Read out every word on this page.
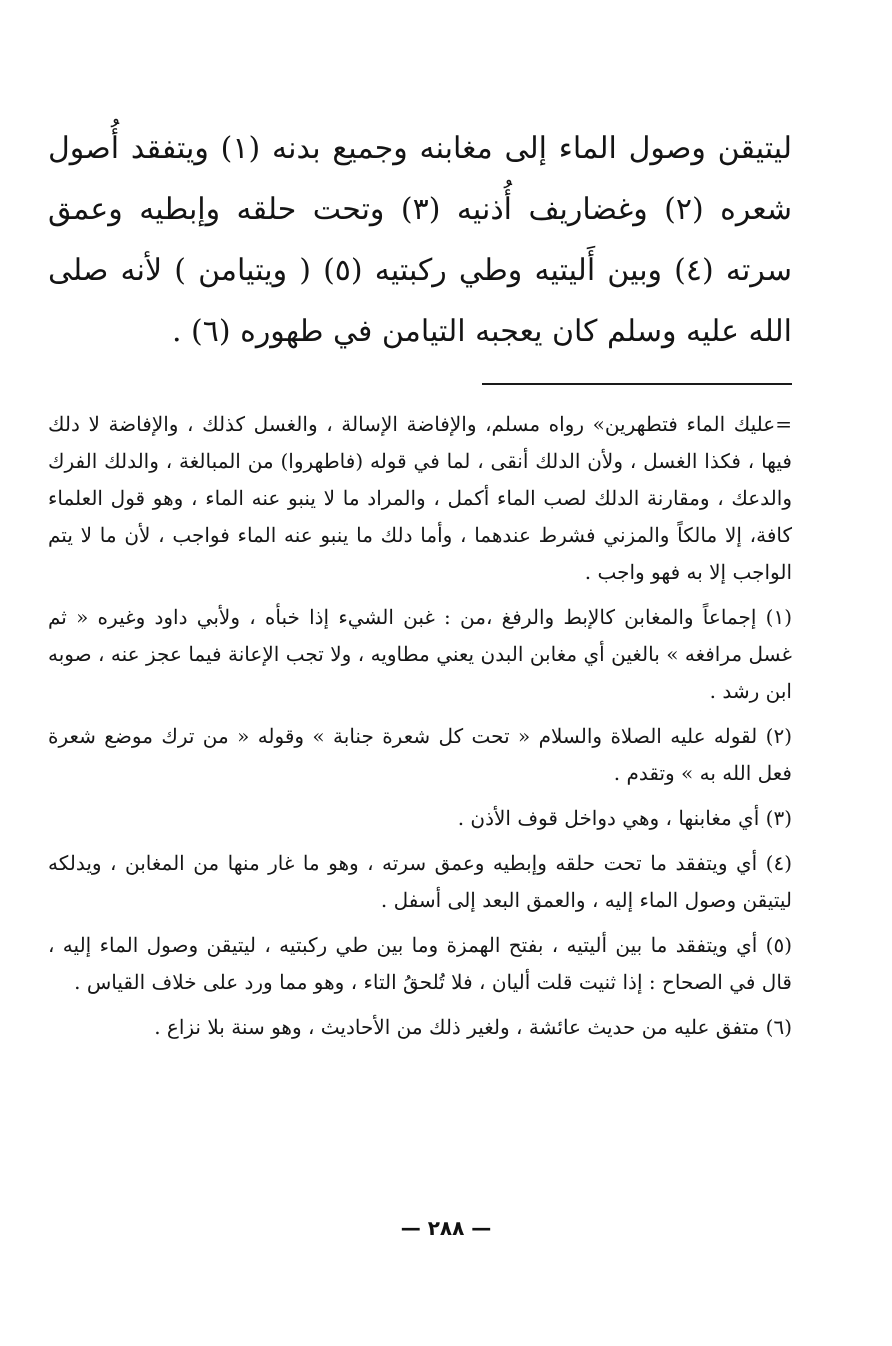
ليتيقن وصول الماء إلى مغابنه وجميع بدنه (١) ويتفقد أُصول شعره (٢) وغضاريف أُذنيه (٣) وتحت حلقه وإبطيه وعمق سرته (٤) وبين أَليتيه وطي ركبتيه (٥) ( ويتيامن ) لأنه صلى الله عليه وسلم كان يعجبه التيامن في طهوره (٦) .

=عليك الماء فتطهرين» رواه مسلم، والإفاضة الإسالة ، والغسل كذلك ، والإفاضة لا دلك فيها ، فكذا الغسل ، ولأن الدلك أنقى ، لما في قوله (فاطهروا) من المبالغة ، والدلك الفرك والدعك ، ومقارنة الدلك لصب الماء أكمل ، والمراد ما لا ينبو عنه الماء ، وهو قول العلماء كافة، إلا مالكاً والمزني فشرط عندهما ، وأما دلك ما ينبو عنه الماء فواجب ، لأن ما لا يتم الواجب إلا به فهو واجب .

(١) إجماعاً والمغابن كالإبط والرفغ ،من : غبن الشيء إذا خبأه ، ولأبي داود وغيره « ثم غسل مرافغه » بالغين أي مغابن البدن يعني مطاويه ، ولا تجب الإعانة فيما عجز عنه ، صوبه ابن رشد .

(٢) لقوله عليه الصلاة والسلام « تحت كل شعرة جنابة » وقوله « من ترك موضع شعرة فعل الله به » وتقدم .

(٣) أي مغابنها ، وهي دواخل قوف الأذن .

(٤) أي ويتفقد ما تحت حلقه وإبطيه وعمق سرته ، وهو ما غار منها من المغابن ، ويدلكه ليتيقن وصول الماء إليه ، والعمق البعد إلى أسفل .

(٥) أي ويتفقد ما بين أليتيه ، بفتح الهمزة وما بين طي ركبتيه ، ليتيقن وصول الماء إليه ، قال في الصحاح : إذا ثنيت قلت أليان ، فلا تُلحقُ التاء ، وهو مما ورد على خلاف القياس .

(٦) متفق عليه من حديث عائشة ، ولغير ذلك من الأحاديث ، وهو سنة بلا نزاع .

— ٢٨٨ —
